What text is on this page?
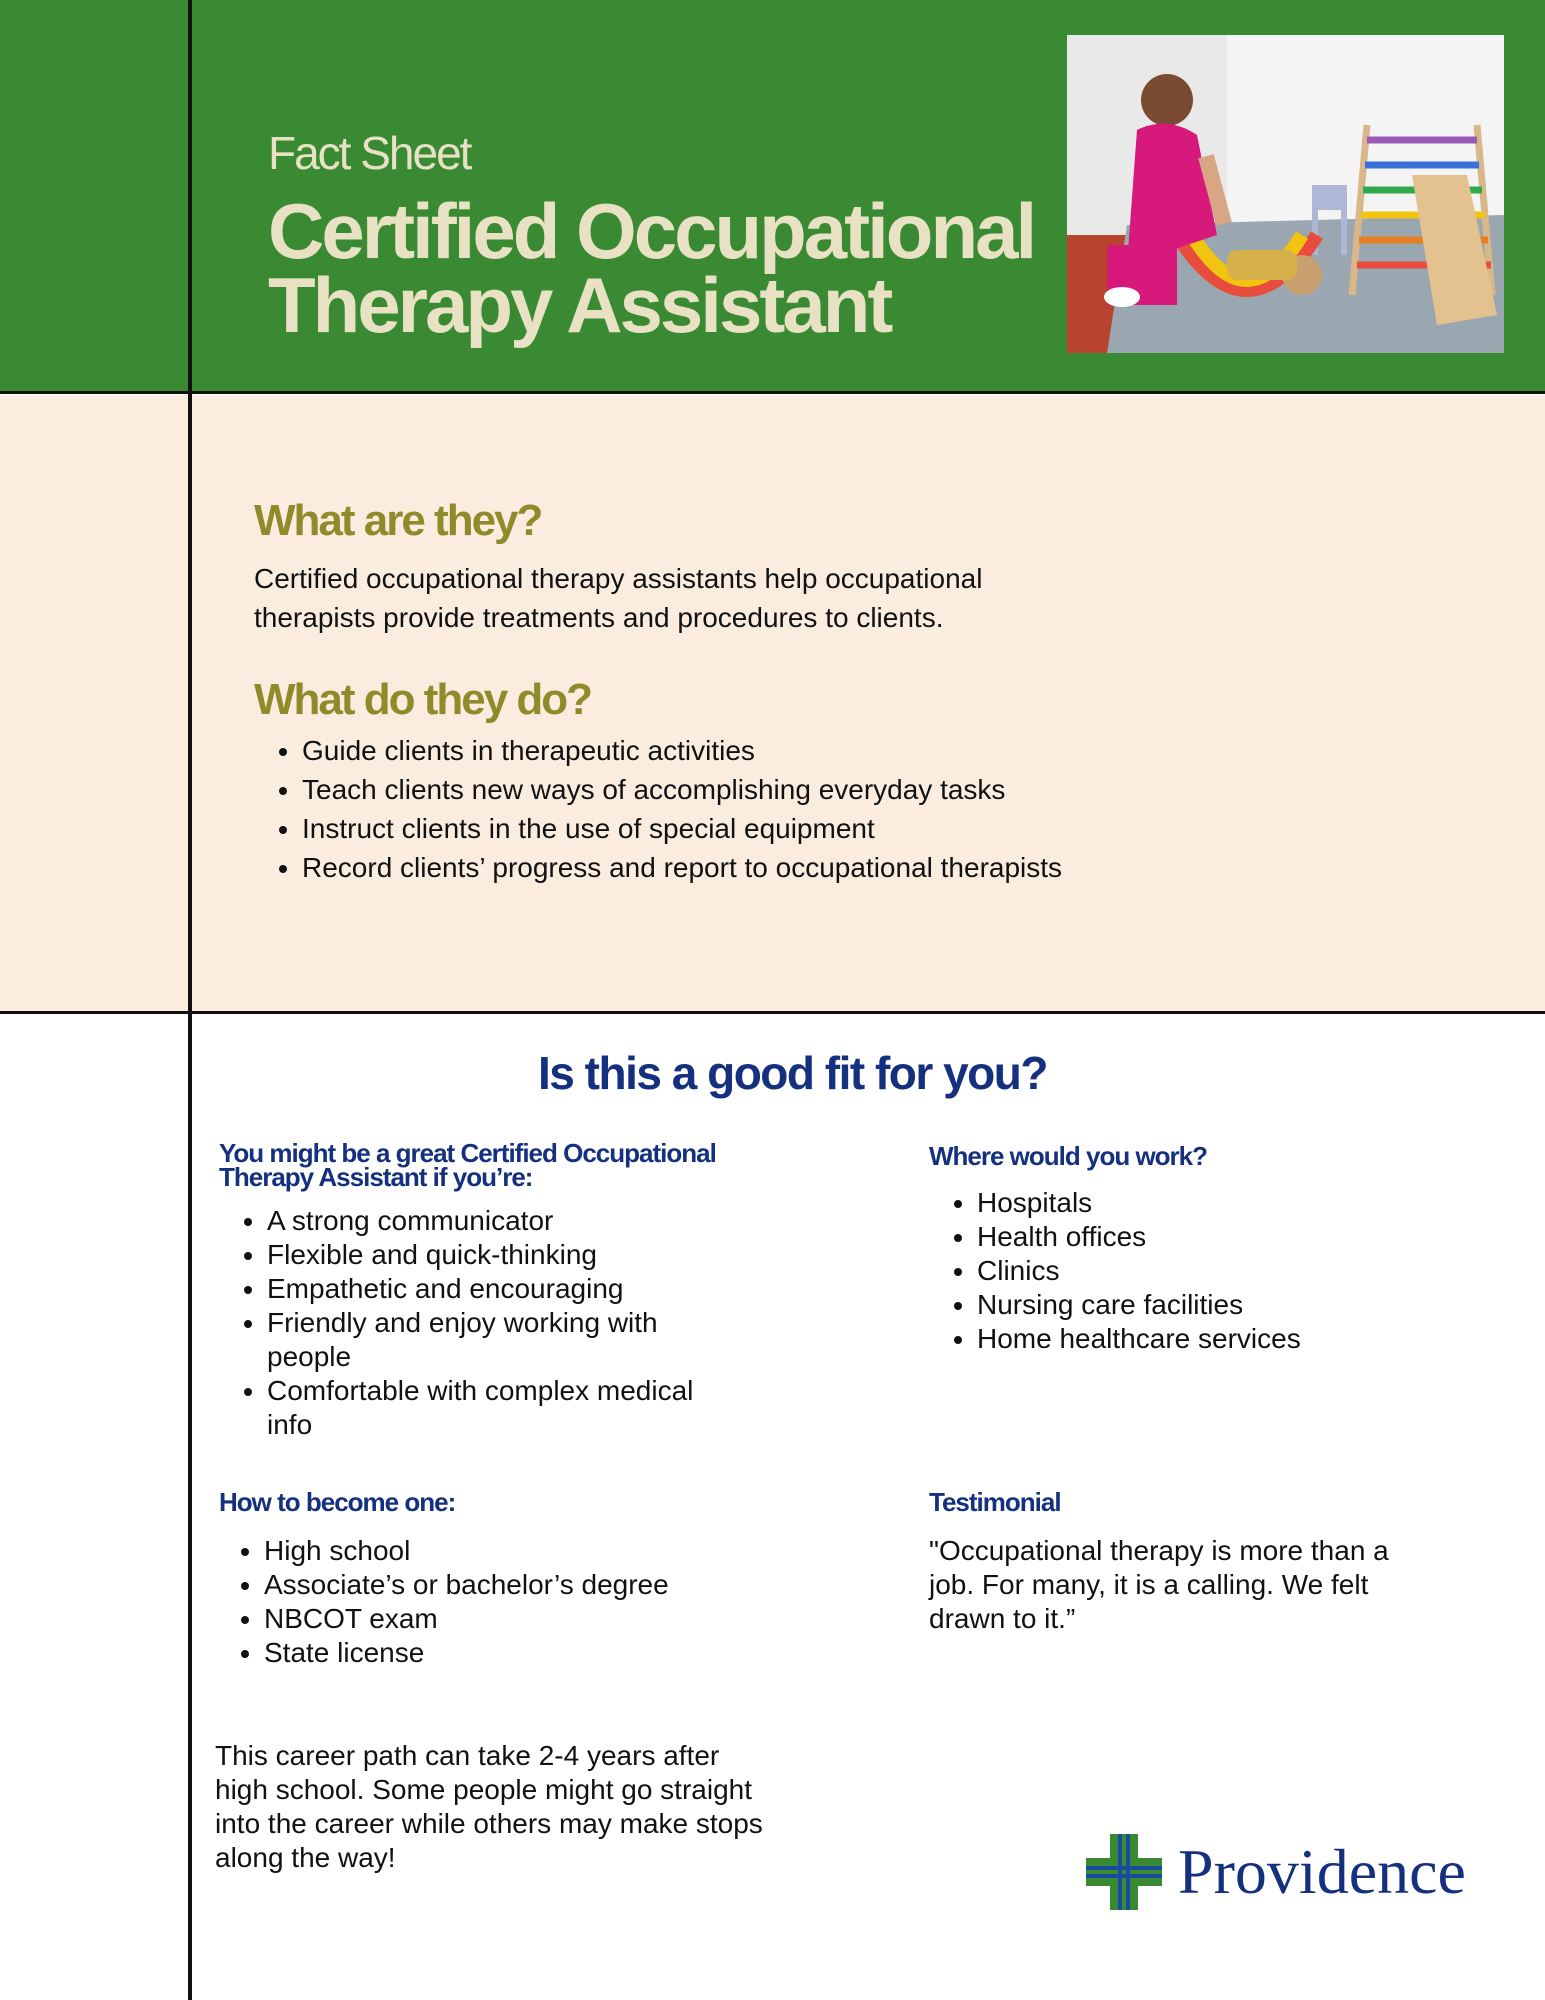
Fact Sheet
Certified Occupational
Therapy Assistant
What are they?
Certified occupational therapy assistants help occupational
therapists provide treatments and procedures to clients.
What do they do?
• Guide clients in therapeutic activities
• Teach clients new ways of accomplishing everyday tasks
• Instruct clients in the use of special equipment
• Record clients’ progress and report to occupational therapists
Is this a good fit for you?
You might be a great Certified Occupational
Therapy Assistant if you’re:
• A strong communicator
• Flexible and quick-thinking
• Empathetic and encouraging
• Friendly and enjoy working with
people
• Comfortable with complex medical
info
Where would you work?
• Hospitals
• Health offices
• Clinics
• Nursing care facilities
• Home healthcare services
How to become one:
• High school
• Associate’s or bachelor’s degree
• NBCOT exam
• State license
Testimonial
"Occupational therapy is more than a
job. For many, it is a calling. We felt
drawn to it.”
This career path can take 2-4 years after
high school. Some people might go straight
into the career while others may make stops
along the way!	Providence
